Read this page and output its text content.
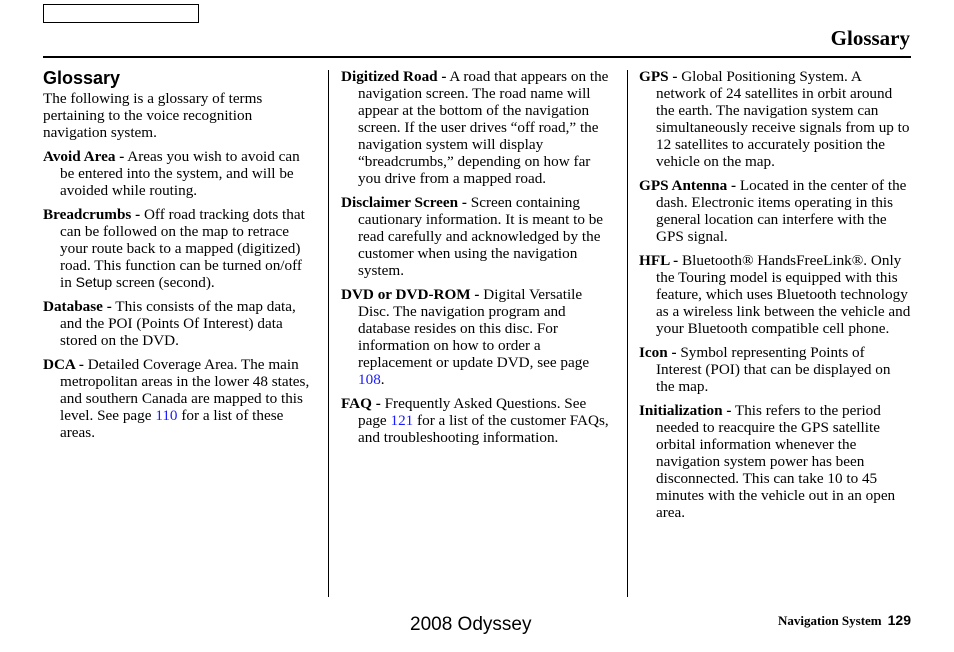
Glossary
Glossary
The following is a glossary of terms pertaining to the voice recognition navigation system.
Avoid Area - Areas you wish to avoid can be entered into the system, and will be avoided while routing.
Breadcrumbs - Off road tracking dots that can be followed on the map to retrace your route back to a mapped (digitized) road. This function can be turned on/off in Setup screen (second).
Database - This consists of the map data, and the POI (Points Of Interest) data stored on the DVD.
DCA - Detailed Coverage Area. The main metropolitan areas in the lower 48 states, and southern Canada are mapped to this level. See page 110 for a list of these areas.
Digitized Road - A road that appears on the navigation screen. The road name will appear at the bottom of the navigation screen. If the user drives “off road,” the navigation system will display “breadcrumbs,” depending on how far you drive from a mapped road.
Disclaimer Screen - Screen containing cautionary information. It is meant to be read carefully and acknowledged by the customer when using the navigation system.
DVD or DVD-ROM - Digital Versatile Disc. The navigation program and database resides on this disc. For information on how to order a replacement or update DVD, see page 108.
FAQ - Frequently Asked Questions. See page 121 for a list of the customer FAQs, and troubleshooting information.
GPS - Global Positioning System. A network of 24 satellites in orbit around the earth. The navigation system can simultaneously receive signals from up to 12 satellites to accurately position the vehicle on the map.
GPS Antenna - Located in the center of the dash. Electronic items operating in this general location can interfere with the GPS signal.
HFL - Bluetooth® HandsFreeLink®. Only the Touring model is equipped with this feature, which uses Bluetooth technology as a wireless link between the vehicle and your Bluetooth compatible cell phone.
Icon - Symbol representing Points of Interest (POI) that can be displayed on the map.
Initialization - This refers to the period needed to reacquire the GPS satellite orbital information whenever the navigation system power has been disconnected. This can take 10 to 45 minutes with the vehicle out in an open area.
2008 Odyssey	Navigation System 129
